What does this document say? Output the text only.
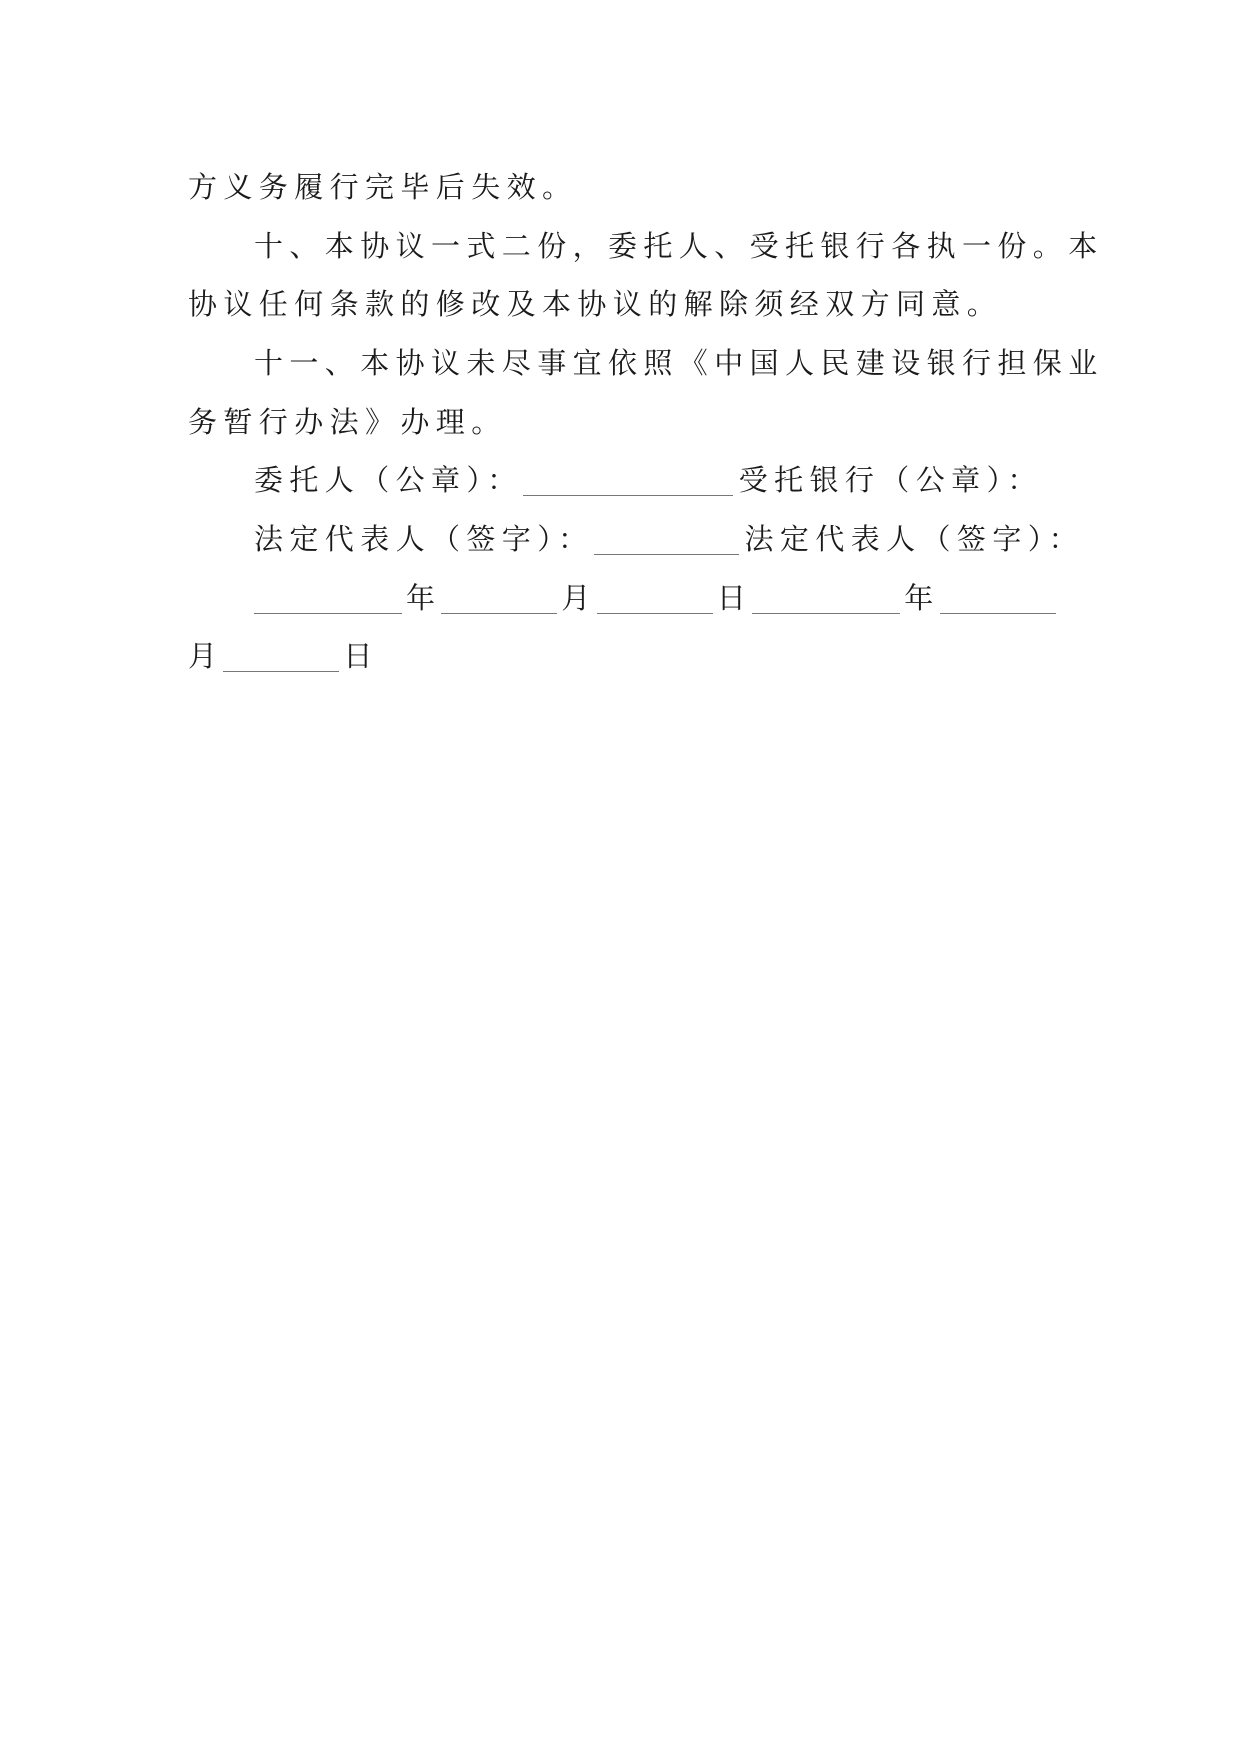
方义务履行完毕后失效。
十、本协议一式二份，委托人、受托银行各执一份。本
协议任何条款的修改及本协议的解除须经双方同意。
十一、本协议未尽事宜依照《中国人民建设银行担保业
务暂行办法》办理。
委托人（公章）：	受托银行（公章）：
法定代表人（签字）：	法定代表人（签字）：
年	月	日	年
月	日
